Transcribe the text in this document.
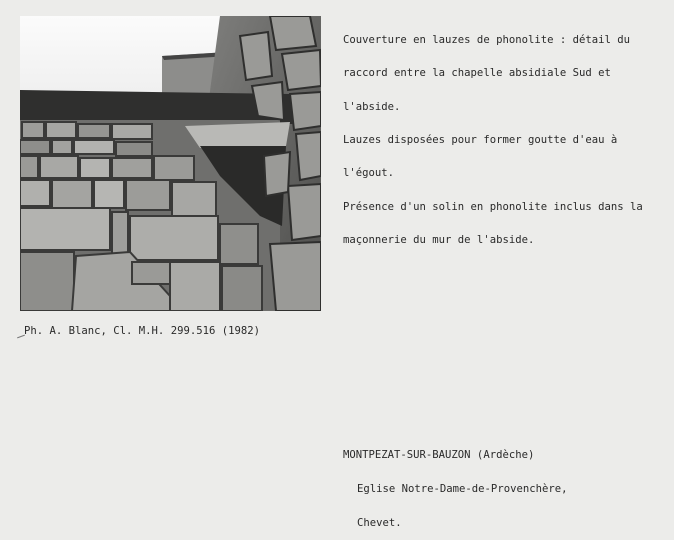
Couverture en lauzes de phonolite : détail du

raccord entre la chapelle absidiale Sud et

l'abside.

Lauzes disposées pour former goutte d'eau à

l'égout.

Présence d'un solin en phonolite inclus dans la

maçonnerie du mur de l'abside.

Ph. A. Blanc, Cl. M.H. 299.516 (1982)

MONTPEZAT-SUR-BAUZON (Ardèche)

Eglise Notre-Dame-de-Provenchère,

Chevet.
